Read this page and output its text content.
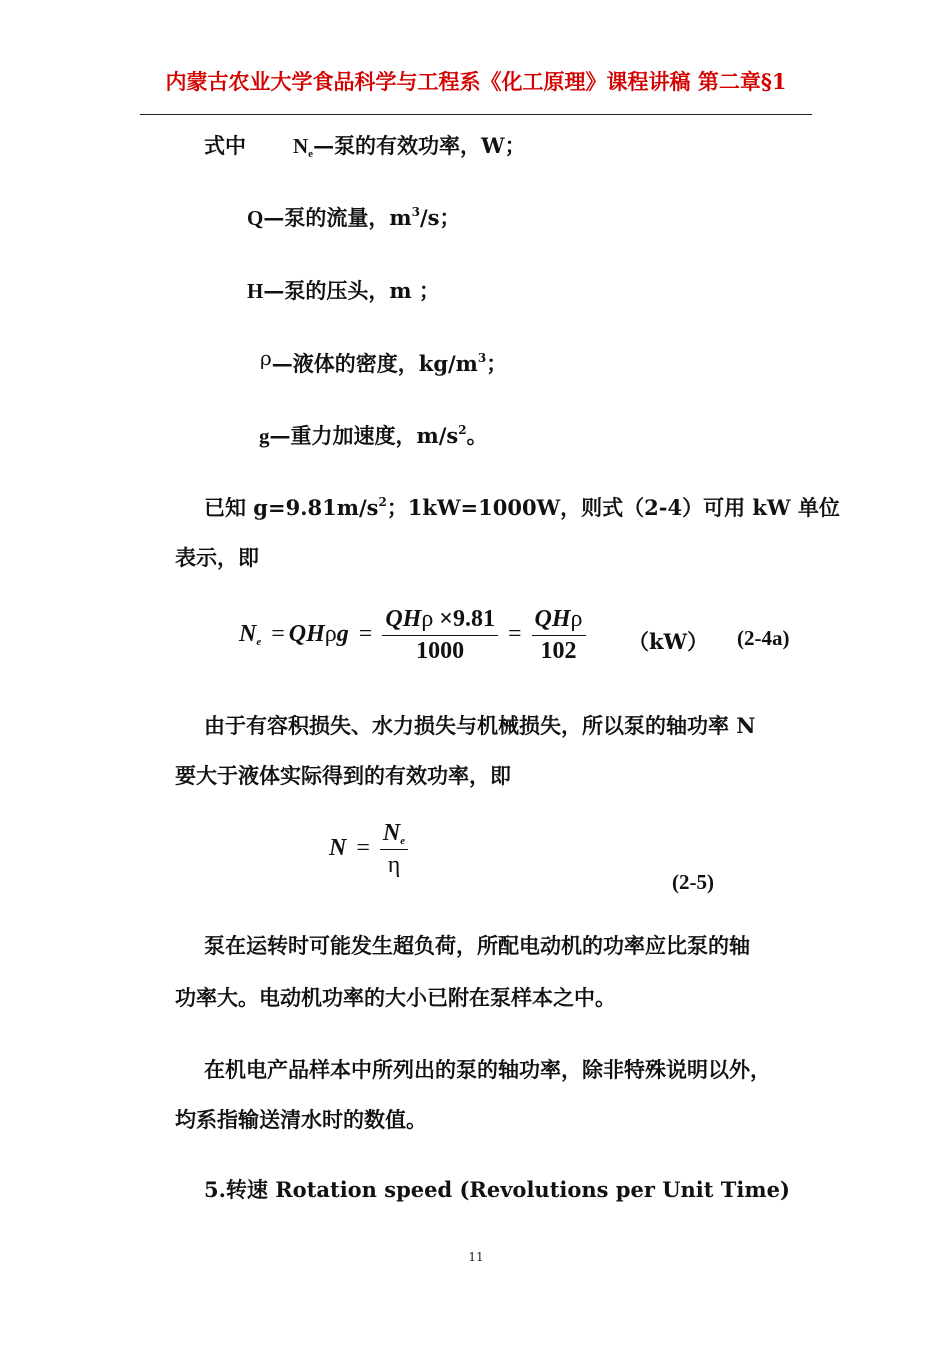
内蒙古农业大学食品科学与工程系《化工原理》课程讲稿 第二章§1
式中 Ne—泵的有效功率，W；
Q—泵的流量，$m^3/s$；
H—泵的压头，m ；
ρ—液体的密度，$kg/m^3$；
g—重力加速度，$m/s^2$。
已知 $g=9.81m/s^2$；1kW=1000W，则式（2-4）可用 kW 单位
表示，即
$Ne = QH\rho g = \frac{\text{QHρ ×9.81}}{1000} = \frac{\text{QHρ}}{102} (kW)$ (2-4a)
由于有容积损失、水力损失与机械损失，所以泵的轴功率 N
要大于液体实际得到的有效功率，即
$N = \frac{Ne}{\eta}$
(2-5)
泵在运转时可能发生超负荷，所配电动机的功率应比泵的轴
功率大。电动机功率的大小已附在泵样本之中。
在机电产品样本中所列出的泵的轴功率，除非特殊说明以外，
均系指输送清水时的数值。
5.转速 Rotation speed (Revolutions per Unit Time)
11
